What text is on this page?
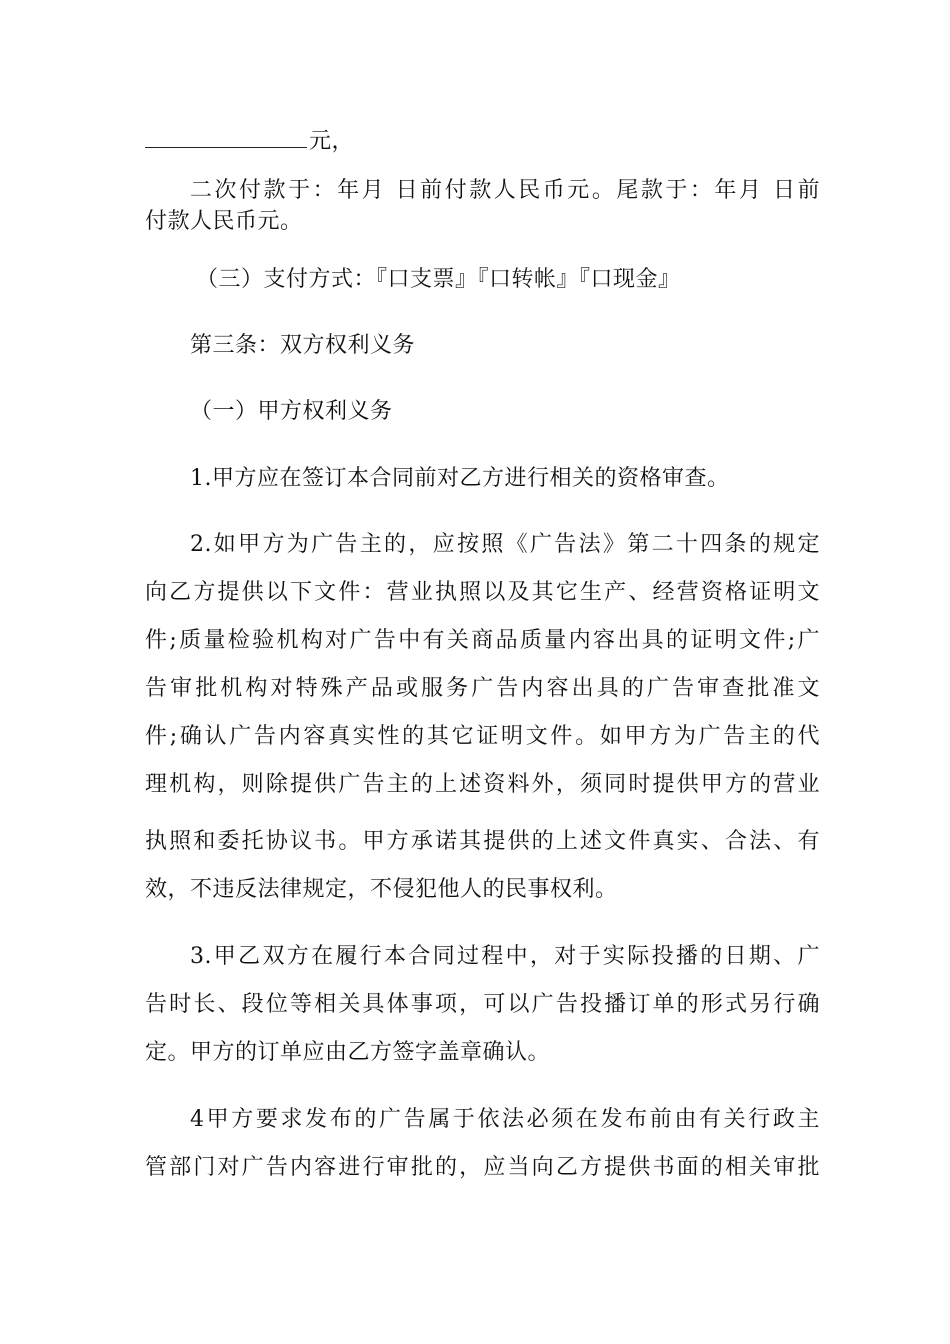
元，
二次付款于：年月 日前付款人民币元。尾款于：年月 日前
付款人民币元。
（三）支付方式：『口支票』『口转帐』『口现金』
第三条：双方权利义务
（一）甲方权利义务
1.甲方应在签订本合同前对乙方进行相关的资格审查。
2.如甲方为广告主的，应按照《广告法》第二十四条的规定
向乙方提供以下文件：营业执照以及其它生产、经营资格证明文
件;质量检验机构对广告中有关商品质量内容出具的证明文件;广
告审批机构对特殊产品或服务广告内容出具的广告审查批准文
件;确认广告内容真实性的其它证明文件。如甲方为广告主的代
理机构，则除提供广告主的上述资料外，须同时提供甲方的营业
执照和委托协议书。甲方承诺其提供的上述文件真实、合法、有
效，不违反法律规定，不侵犯他人的民事权利。
3.甲乙双方在履行本合同过程中，对于实际投播的日期、广
告时长、段位等相关具体事项，可以广告投播订单的形式另行确
定。甲方的订单应由乙方签字盖章确认。
4甲方要求发布的广告属于依法必须在发布前由有关行政主
管部门对广告内容进行审批的，应当向乙方提供书面的相关审批
